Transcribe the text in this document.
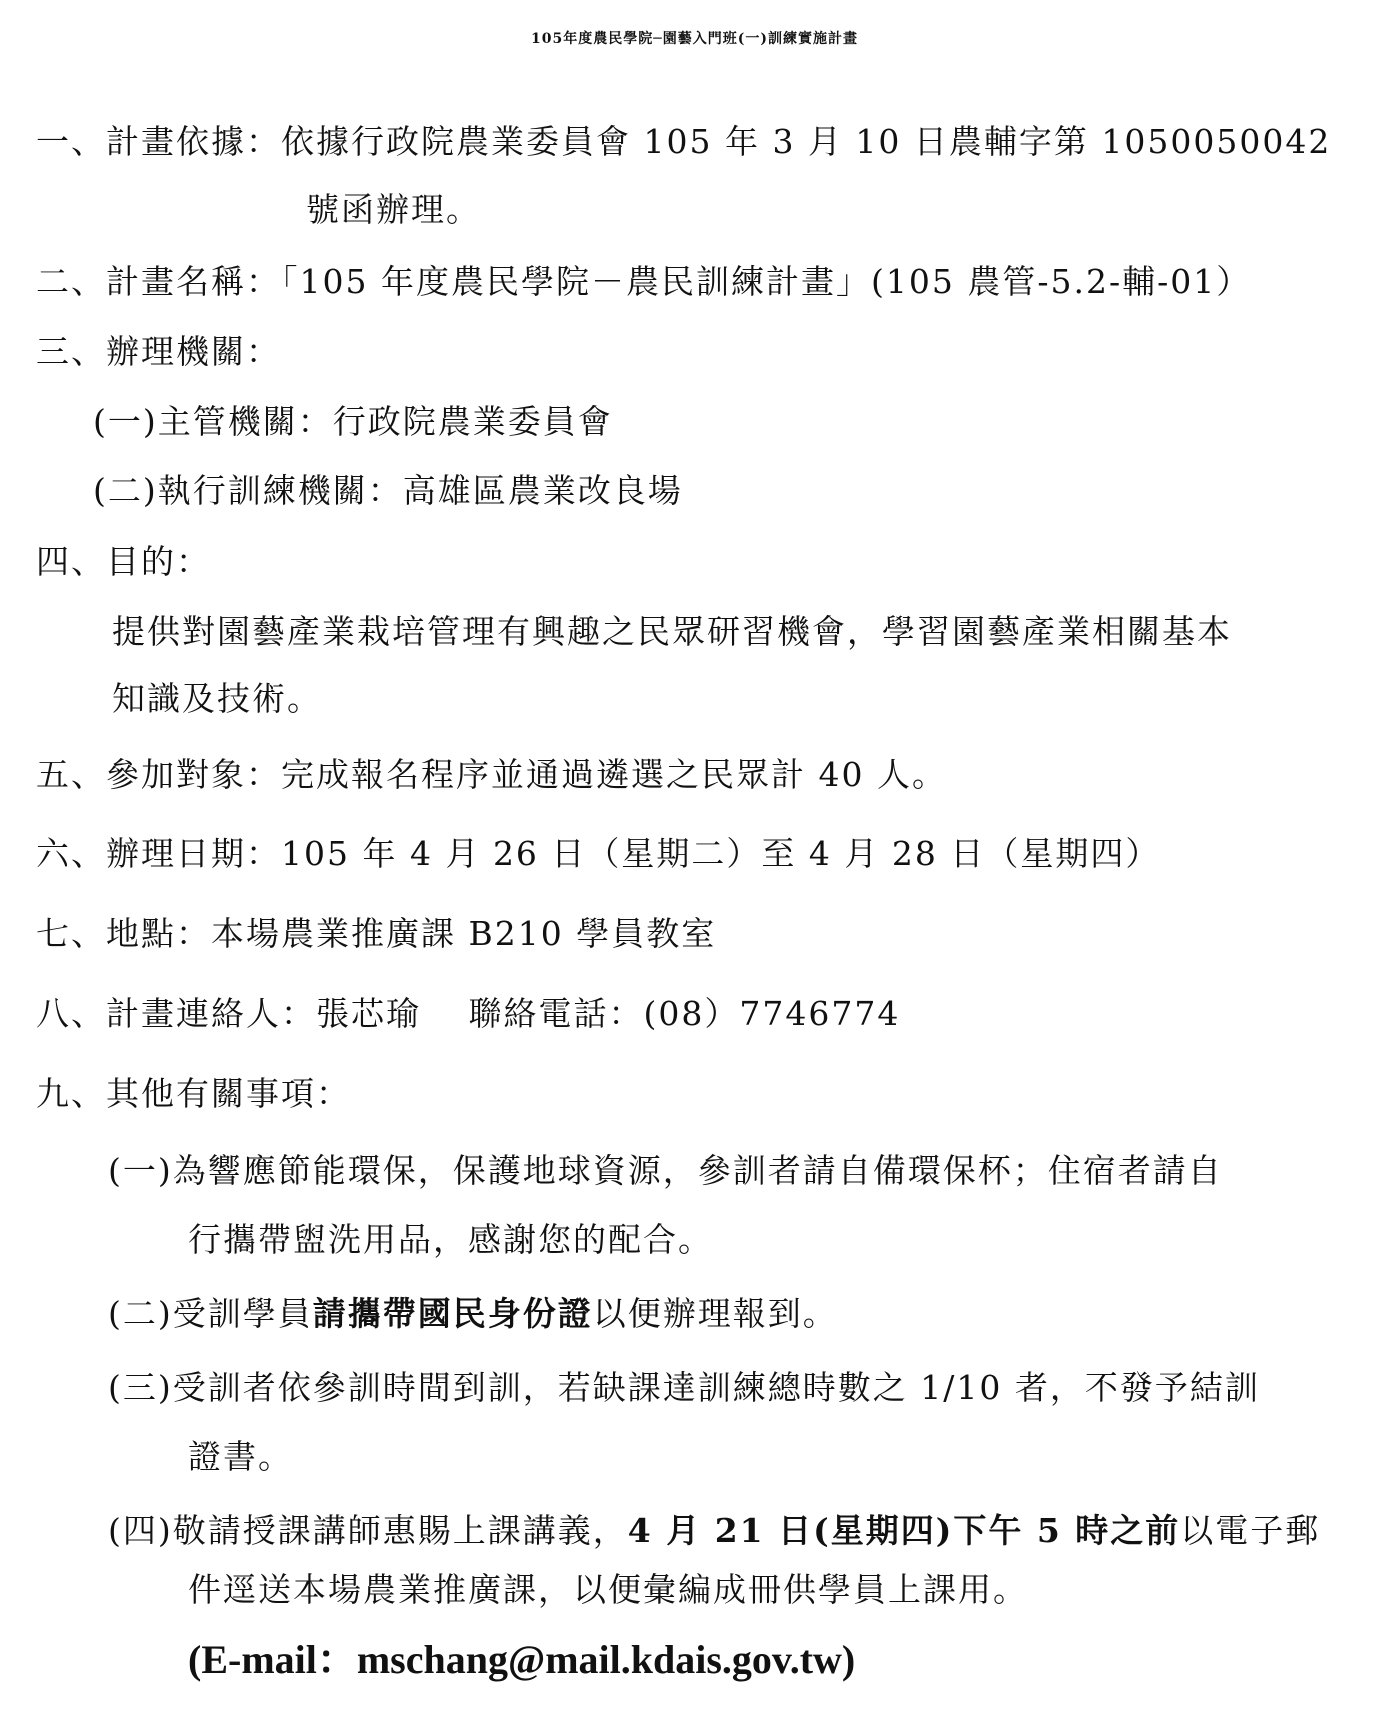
105年度農民學院─園藝入門班(一)訓練實施計畫
一、計畫依據：依據行政院農業委員會 105 年 3 月 10 日農輔字第 1050050042
號函辦理。
二、計畫名稱：「105 年度農民學院－農民訓練計畫」(105 農管-5.2-輔-01）
三、辦理機關：
(一)主管機關：行政院農業委員會
(二)執行訓練機關：高雄區農業改良場
四、目的：
提供對園藝產業栽培管理有興趣之民眾研習機會，學習園藝產業相關基本
知識及技術。
五、參加對象：完成報名程序並通過遴選之民眾計 40 人。
六、辦理日期：105 年 4 月 26 日（星期二）至 4 月 28 日（星期四）
七、地點：本場農業推廣課 B210 學員教室
八、計畫連絡人：張芯瑜　 聯絡電話：(08）7746774
九、其他有關事項：
(一)為響應節能環保，保護地球資源，參訓者請自備環保杯；住宿者請自
行攜帶盥洗用品，感謝您的配合。
(二)受訓學員請攜帶國民身份證以便辦理報到。
(三)受訓者依參訓時間到訓，若缺課達訓練總時數之 1/10 者，不發予結訓
證書。
(四)敬請授課講師惠賜上課講義，4 月 21 日(星期四)下午 5 時之前以電子郵
件逕送本場農業推廣課，以便彙編成冊供學員上課用。
(E-mail：mschang@mail.kdais.gov.tw)
